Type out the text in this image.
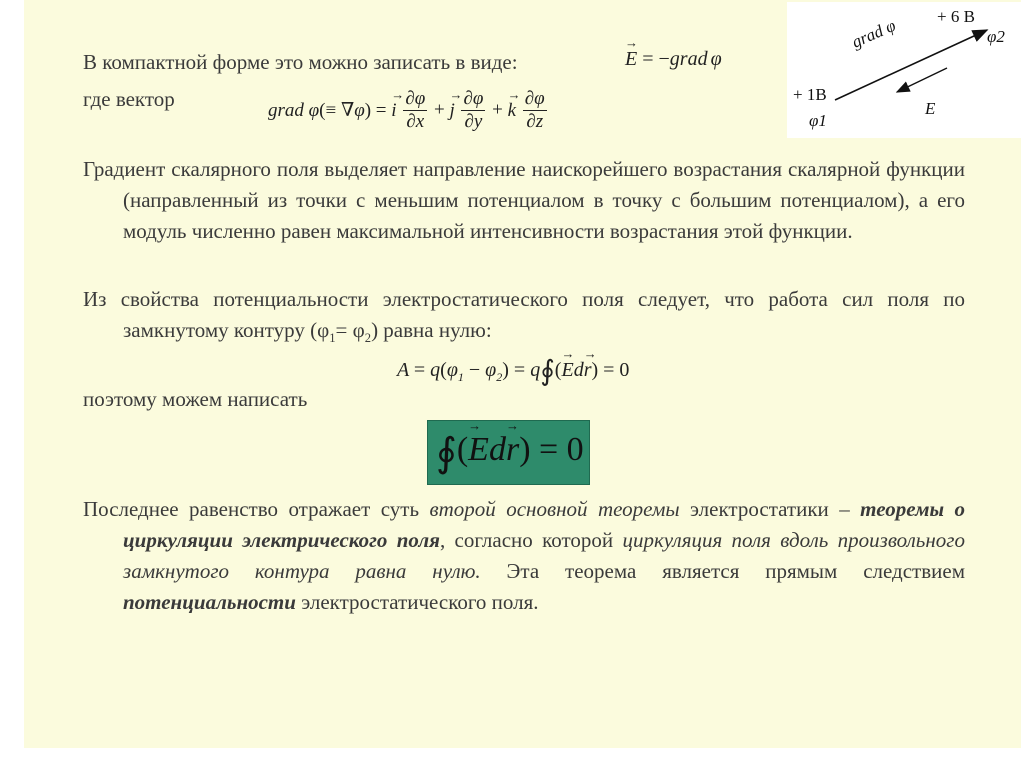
+ 6 B
φ2
grad φ
+ 1B
φ1
E
В компактной форме это можно записать в виде:	→ E = −grad φ
где вектор	grad φ(≡ ∇φ) = → i $\frac{\partial\varphi}{\partial x}$ + → j $\frac{\partial\varphi}{\partial y}$ + → k $\frac{\partial\varphi}{\partial z}$
Градиент скалярного поля выделяет направление наискорейшего возрастания скалярной функции (направленный из точки с меньшим потенциалом в точку с большим потенциалом), а его модуль численно равен максимальной интенсивности возрастания этой функции.
Из свойства потенциальности электростатического поля следует, что работа сил поля по замкнутому контуру $(\varphi_1= \varphi_2)$ равна нулю:
$A = q(\varphi_1 - \varphi_2)$ = q∮(→ Ed→ r) = 0
поэтому можем написать
∮(→ Ed→ r) = 0
Последнее равенство отражает суть второй основной теоремы электростатики – теоремы о циркуляции электрического поля, согласно которой циркуляция поля вдоль произвольного замкнутого контура равна нулю. Эта теорема является прямым следствием потенциальности электростатического поля.
